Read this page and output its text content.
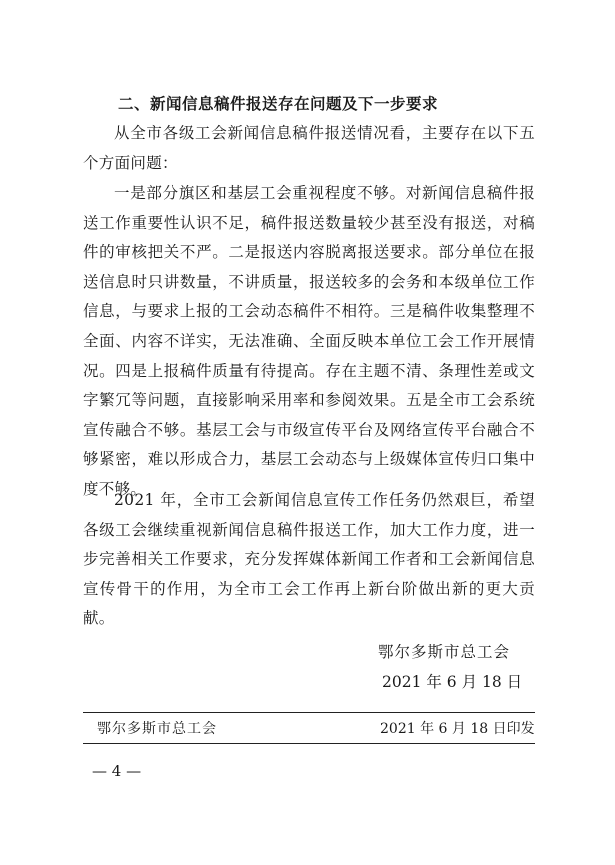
二、新闻信息稿件报送存在问题及下一步要求

从全市各级工会新闻信息稿件报送情况看，主要存在以下五个方面问题：

一是部分旗区和基层工会重视程度不够。对新闻信息稿件报送工作重要性认识不足，稿件报送数量较少甚至没有报送，对稿件的审核把关不严。二是报送内容脱离报送要求。部分单位在报送信息时只讲数量，不讲质量，报送较多的会务和本级单位工作信息，与要求上报的工会动态稿件不相符。三是稿件收集整理不全面、内容不详实，无法准确、全面反映本单位工会工作开展情况。四是上报稿件质量有待提高。存在主题不清、条理性差或文字繁冗等问题，直接影响采用率和参阅效果。五是全市工会系统宣传融合不够。基层工会与市级宣传平台及网络宣传平台融合不够紧密，难以形成合力，基层工会动态与上级媒体宣传归口集中度不够。

2021 年，全市工会新闻信息宣传工作任务仍然艰巨，希望各级工会继续重视新闻信息稿件报送工作，加大工作力度，进一步完善相关工作要求，充分发挥媒体新闻工作者和工会新闻信息宣传骨干的作用，为全市工会工作再上新台阶做出新的更大贡献。

鄂尔多斯市总工会
2021 年 6 月 18 日
鄂尔多斯市总工会	2021 年 6 月 18 日印发
— 4 —
